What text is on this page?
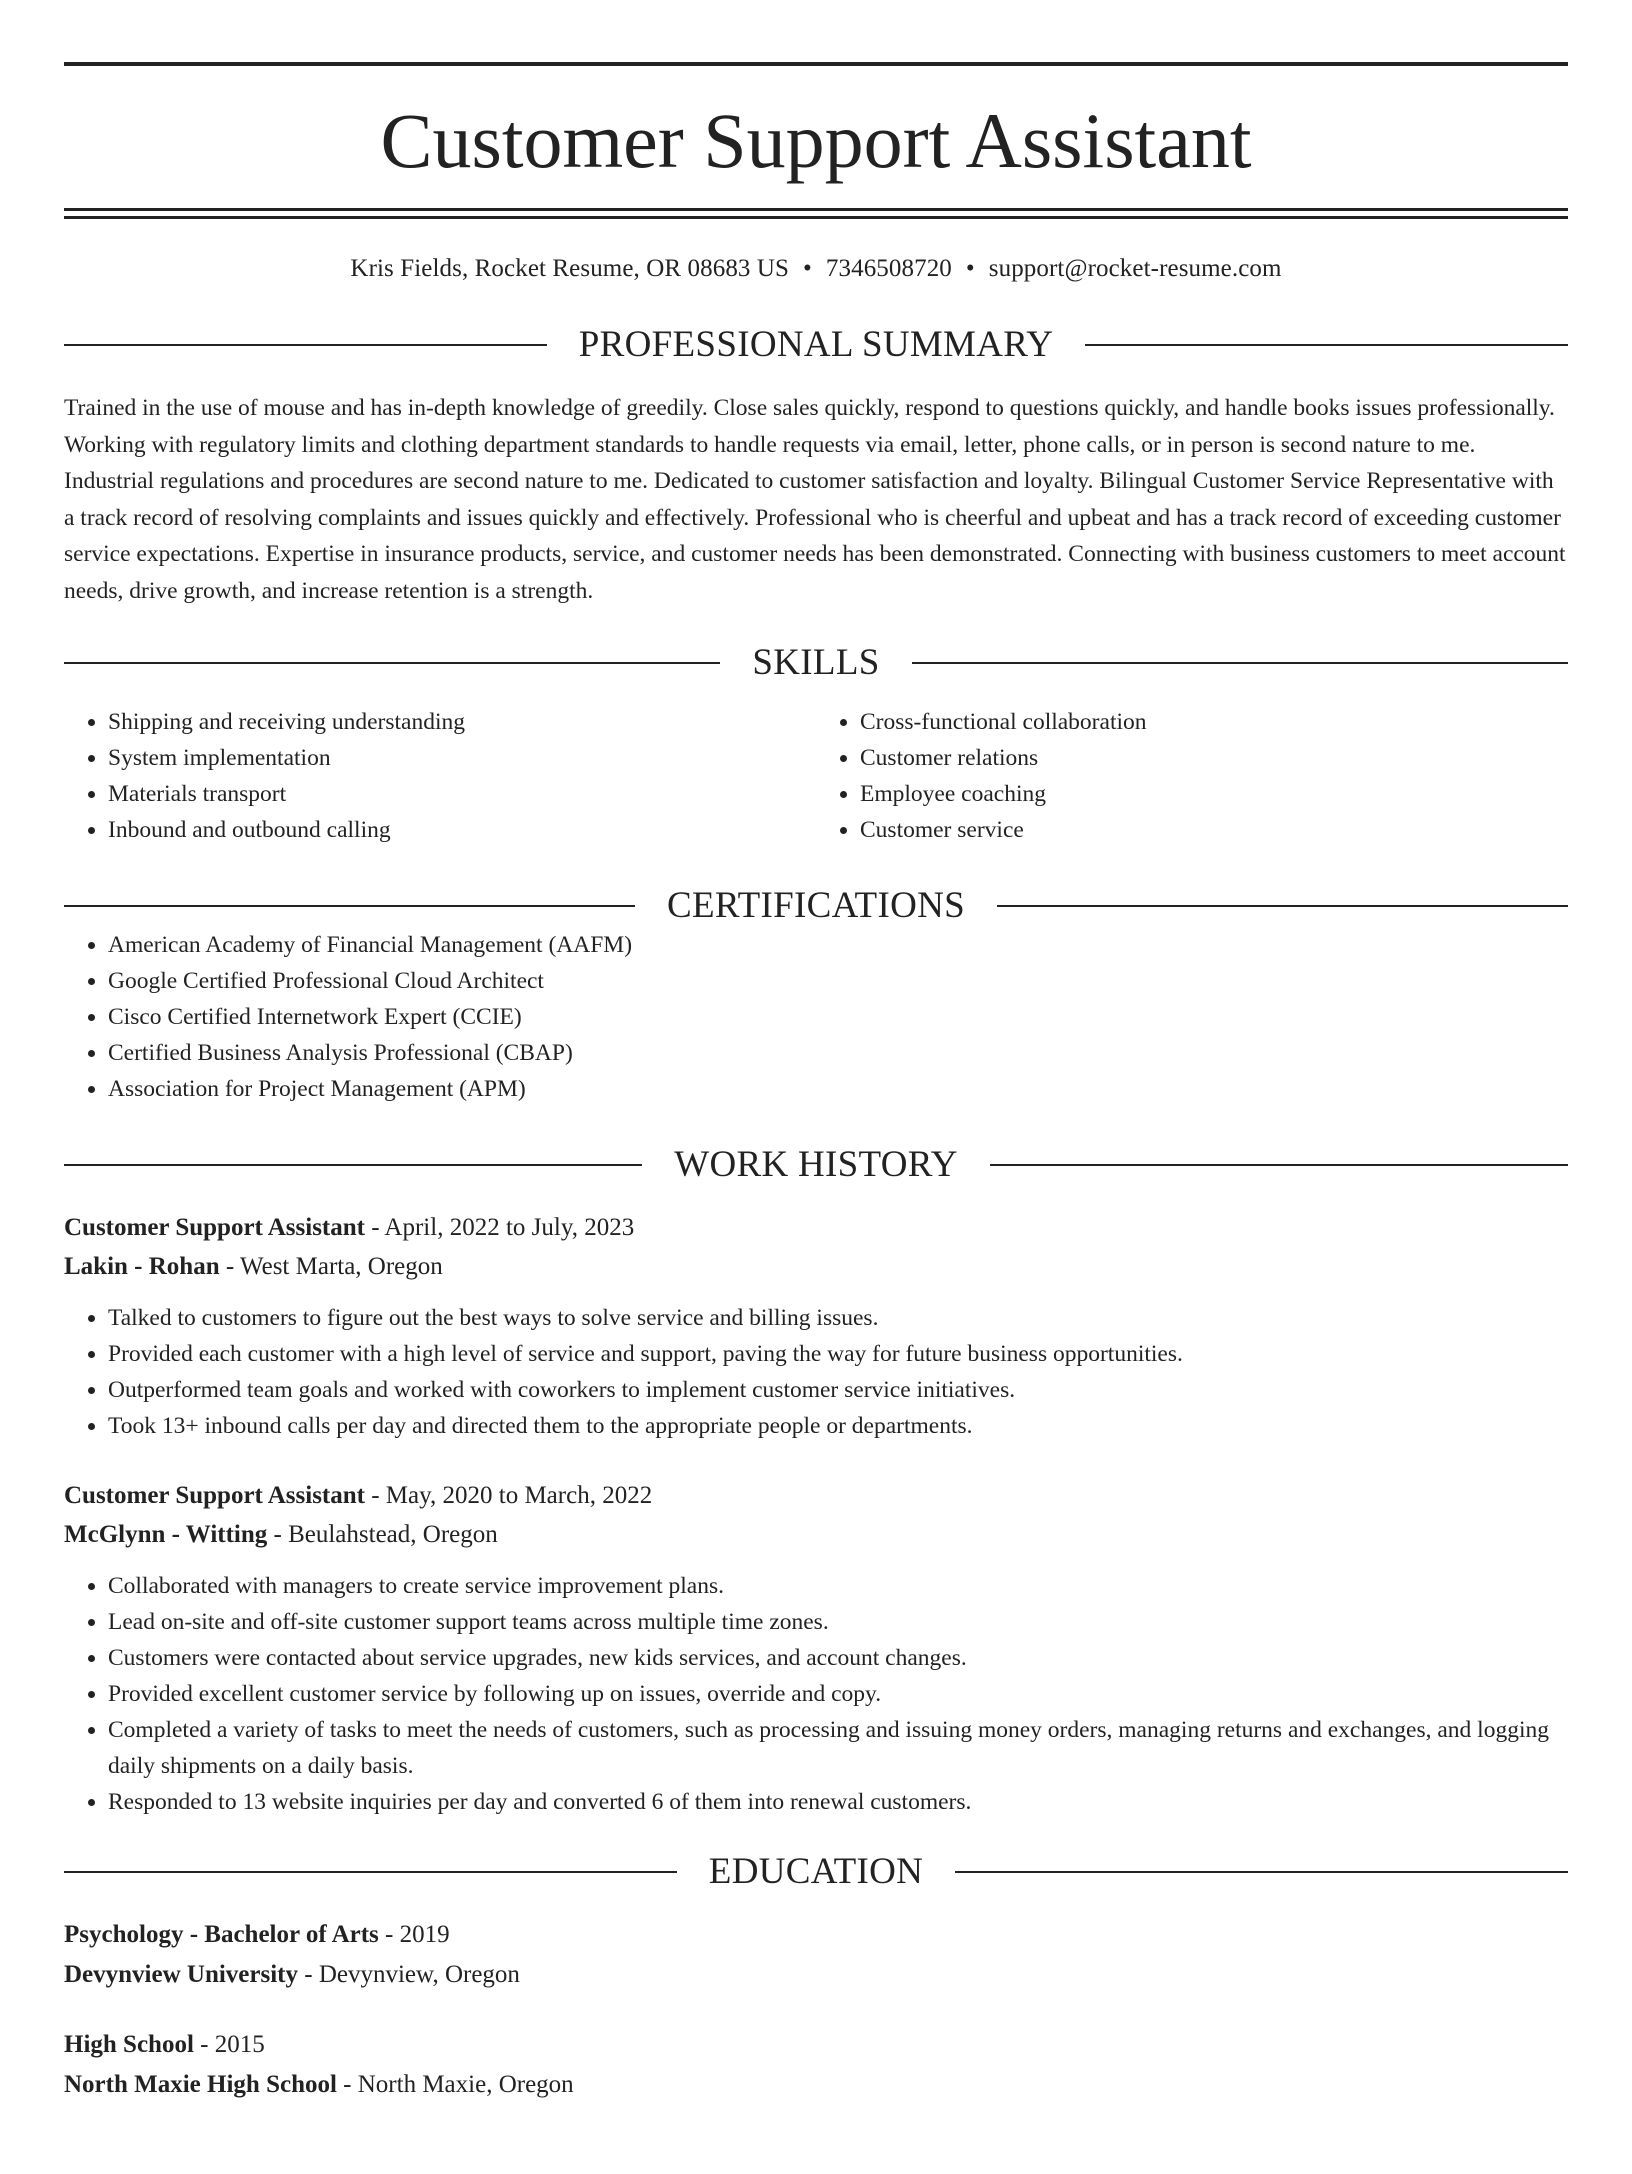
Customer Support Assistant
Kris Fields, Rocket Resume, OR 08683 US • 7346508720 • support@rocket-resume.com
PROFESSIONAL SUMMARY
Trained in the use of mouse and has in-depth knowledge of greedily. Close sales quickly, respond to questions quickly, and handle books issues professionally. Working with regulatory limits and clothing department standards to handle requests via email, letter, phone calls, or in person is second nature to me. Industrial regulations and procedures are second nature to me. Dedicated to customer satisfaction and loyalty. Bilingual Customer Service Representative with a track record of resolving complaints and issues quickly and effectively. Professional who is cheerful and upbeat and has a track record of exceeding customer service expectations. Expertise in insurance products, service, and customer needs has been demonstrated. Connecting with business customers to meet account needs, drive growth, and increase retention is a strength.
SKILLS
• Shipping and receiving understanding
• System implementation
• Materials transport
• Inbound and outbound calling
• Cross-functional collaboration
• Customer relations
• Employee coaching
• Customer service
CERTIFICATIONS
• American Academy of Financial Management (AAFM)
• Google Certified Professional Cloud Architect
• Cisco Certified Internetwork Expert (CCIE)
• Certified Business Analysis Professional (CBAP)
• Association for Project Management (APM)
WORK HISTORY
Customer Support Assistant - April, 2022 to July, 2023
Lakin - Rohan - West Marta, Oregon
• Talked to customers to figure out the best ways to solve service and billing issues.
• Provided each customer with a high level of service and support, paving the way for future business opportunities.
• Outperformed team goals and worked with coworkers to implement customer service initiatives.
• Took 13+ inbound calls per day and directed them to the appropriate people or departments.
Customer Support Assistant - May, 2020 to March, 2022
McGlynn - Witting - Beulahstead, Oregon
• Collaborated with managers to create service improvement plans.
• Lead on-site and off-site customer support teams across multiple time zones.
• Customers were contacted about service upgrades, new kids services, and account changes.
• Provided excellent customer service by following up on issues, override and copy.
• Completed a variety of tasks to meet the needs of customers, such as processing and issuing money orders, managing returns and exchanges, and logging daily shipments on a daily basis.
• Responded to 13 website inquiries per day and converted 6 of them into renewal customers.
EDUCATION
Psychology - Bachelor of Arts - 2019
Devynview University - Devynview, Oregon
High School - 2015
North Maxie High School - North Maxie, Oregon
